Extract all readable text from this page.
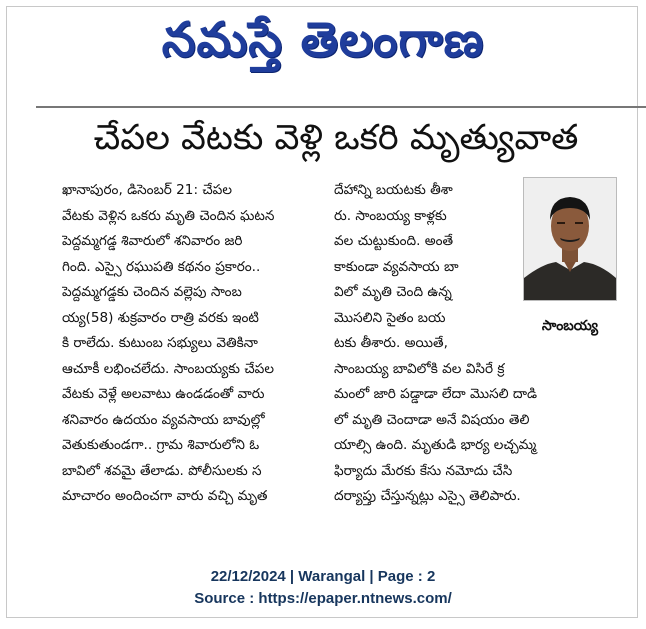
నమస్తే తెలంగాణ
చేపల వేటకు వెళ్లి ఒకరి మృత్యువాత
ఖానాపురం, డిసెంబర్ 21: చేపల
వేటకు వెళ్లిన ఒకరు మృతి చెందిన ఘటన
పెద్దమ్మగడ్డ శివారులో శనివారం జరి
గింది. ఎస్సై రఘుపతి కథనం ప్రకారం..
పెద్దమ్మగడ్డకు చెందిన వల్లెపు సాంబ
య్య(58) శుక్రవారం రాత్రి వరకు ఇంటి
కి రాలేదు. కుటుంబ సభ్యులు వెతికినా
ఆచూకీ లభించలేదు. సాంబయ్యకు చేపల
వేటకు వెళ్లే అలవాటు ఉండడంతో వారు
శనివారం ఉదయం వ్యవసాయ బావుల్లో
వెతుకుతుండగా.. గ్రామ శివారులోని ఓ
బావిలో శవమై తేలాడు. పోలీసులకు స
మాచారం అందించగా వారు వచ్చి మృత
దేహాన్ని బయటకు తీశా
రు. సాంబయ్య కాళ్లకు
వల చుట్టుకుంది. అంతే
కాకుండా వ్యవసాయ బా
విలో మృతి చెంది ఉన్న
మొసలిని సైతం బయ
టకు తీశారు. అయితే,
సాంబయ్య బావిలోకి వల విసిరే క్ర
మంలో జారి పడ్డాడా లేదా మొసలి దాడి
లో మృతి చెందాడా అనే విషయం తెలి
యాల్సి ఉంది. మృతుడి భార్య లచ్చమ్మ
ఫిర్యాదు మేరకు కేసు నమోదు చేసి
దర్యాప్తు చేస్తున్నట్లు ఎస్సై తెలిపారు.
సాంబయ్య
22/12/2024 | Warangal | Page : 2
Source : https://epaper.ntnews.com/
